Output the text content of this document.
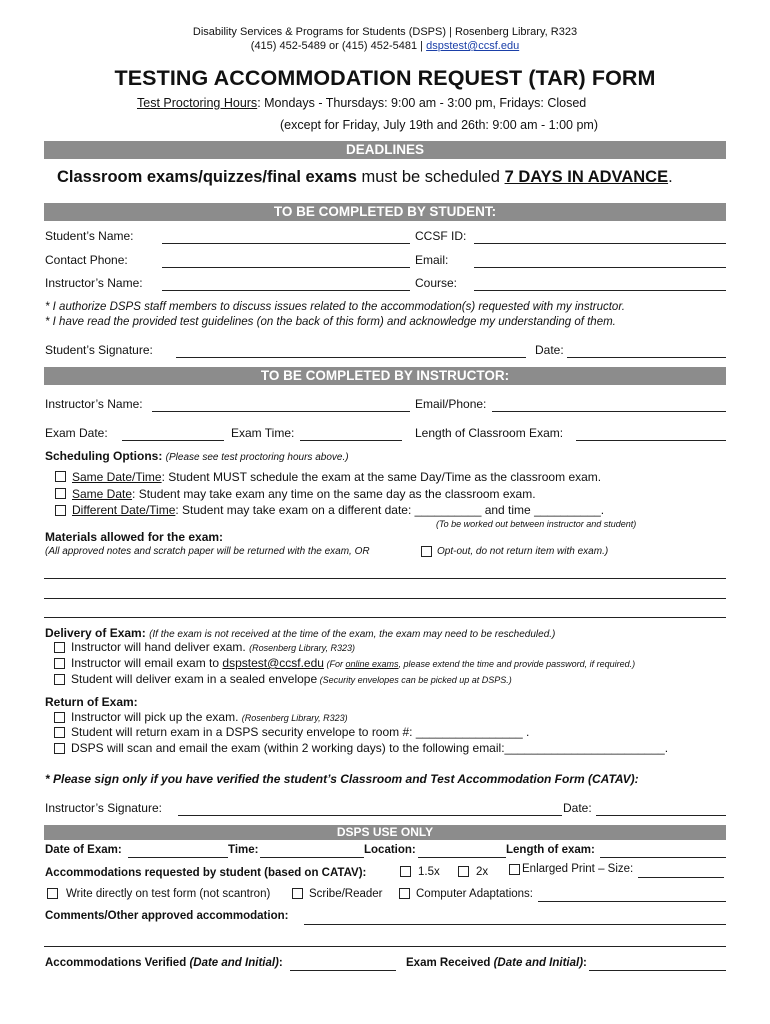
Disability Services & Programs for Students (DSPS) | Rosenberg Library, R323
(415) 452-5489 or (415) 452-5481 | dspstest@ccsf.edu
TESTING ACCOMMODATION REQUEST (TAR) FORM
Test Proctoring Hours: Mondays - Thursdays: 9:00 am - 3:00 pm, Fridays: Closed
(except for Friday, July 19th and 26th: 9:00 am - 1:00 pm)
DEADLINES
Classroom exams/quizzes/final exams must be scheduled 7 DAYS IN ADVANCE.
TO BE COMPLETED BY STUDENT:
Student’s Name:	CCSF ID:
Contact Phone:	Email:
Instructor’s Name:	Course:
* I authorize DSPS staff members to discuss issues related to the accommodation(s) requested with my instructor.
* I have read the provided test guidelines (on the back of this form) and acknowledge my understanding of them.
Student’s Signature:	Date:
TO BE COMPLETED BY INSTRUCTOR:
Instructor’s Name:	Email/Phone:
Exam Date:	Exam Time:	Length of Classroom Exam:
Scheduling Options: (Please see test proctoring hours above.)
Same Date/Time: Student MUST schedule the exam at the same Day/Time as the classroom exam.
Same Date: Student may take exam any time on the same day as the classroom exam.
Different Date/Time: Student may take exam on a different date: __________ and time __________.
(To be worked out between instructor and student)
Materials allowed for the exam:
(All approved notes and scratch paper will be returned with the exam, OR	Opt-out, do not return item with exam.)
Delivery of Exam: (If the exam is not received at the time of the exam, the exam may need to be rescheduled.)
Instructor will hand deliver exam. (Rosenberg Library, R323)
Instructor will email exam to dspstest@ccsf.edu (For online exams, please extend the time and provide password, if required.)
Student will deliver exam in a sealed envelope (Security envelopes can be picked up at DSPS.)
Return of Exam:
Instructor will pick up the exam. (Rosenberg Library, R323)
Student will return exam in a DSPS security envelope to room #: ________________ .
DSPS will scan and email the exam (within 2 working days) to the following email:________________________.
* Please sign only if you have verified the student’s Classroom and Test Accommodation Form (CATAV):
Instructor’s Signature:	Date:
DSPS USE ONLY
Date of Exam:	Time:	Location:	Length of exam:
Accommodations requested by student (based on CATAV):	1.5x	2x	Enlarged Print – Size:
Write directly on test form (not scantron)	Scribe/Reader	Computer Adaptations:
Comments/Other approved accommodation:
Accommodations Verified (Date and Initial):	Exam Received (Date and Initial):
